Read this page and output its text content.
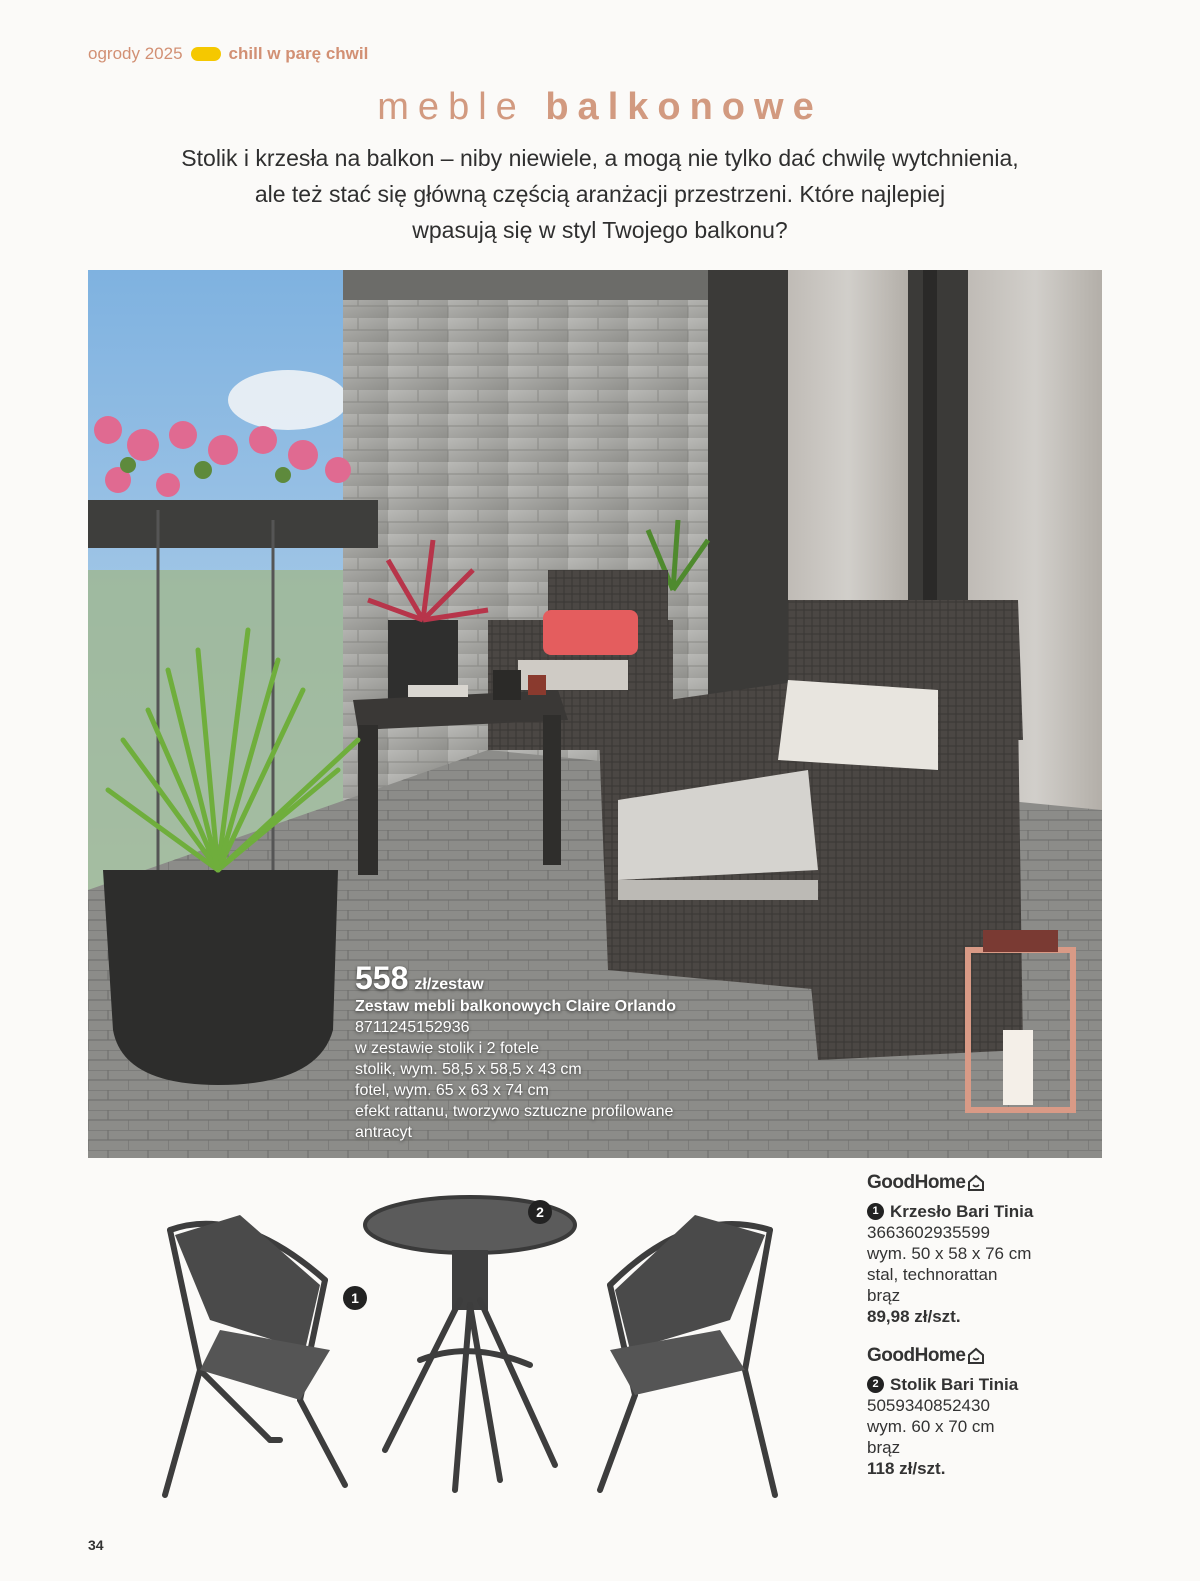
ogrody 2025	chill w parę chwil
meble balkonowe
Stolik i krzesła na balkon – niby niewiele, a mogą nie tylko dać chwilę wytchnienia,
ale też stać się główną częścią aranżacji przestrzeni. Które najlepiej
wpasują się w styl Twojego balkonu?
558 zł/zestaw
Zestaw mebli balkonowych Claire Orlando
8711245152936
w zestawie stolik i 2 fotele
stolik, wym. 58,5 x 58,5 x 43 cm
fotel, wym. 65 x 63 x 74 cm
efekt rattanu, tworzywo sztuczne profilowane
antracyt
1
2
GoodHome
1 Krzesło Bari Tinia
3663602935599
wym. 50 x 58 x 76 cm
stal, technorattan
brąz
89,98 zł/szt.
GoodHome
2 Stolik Bari Tinia
5059340852430
wym. 60 x 70 cm
brąz
118 zł/szt.
34
